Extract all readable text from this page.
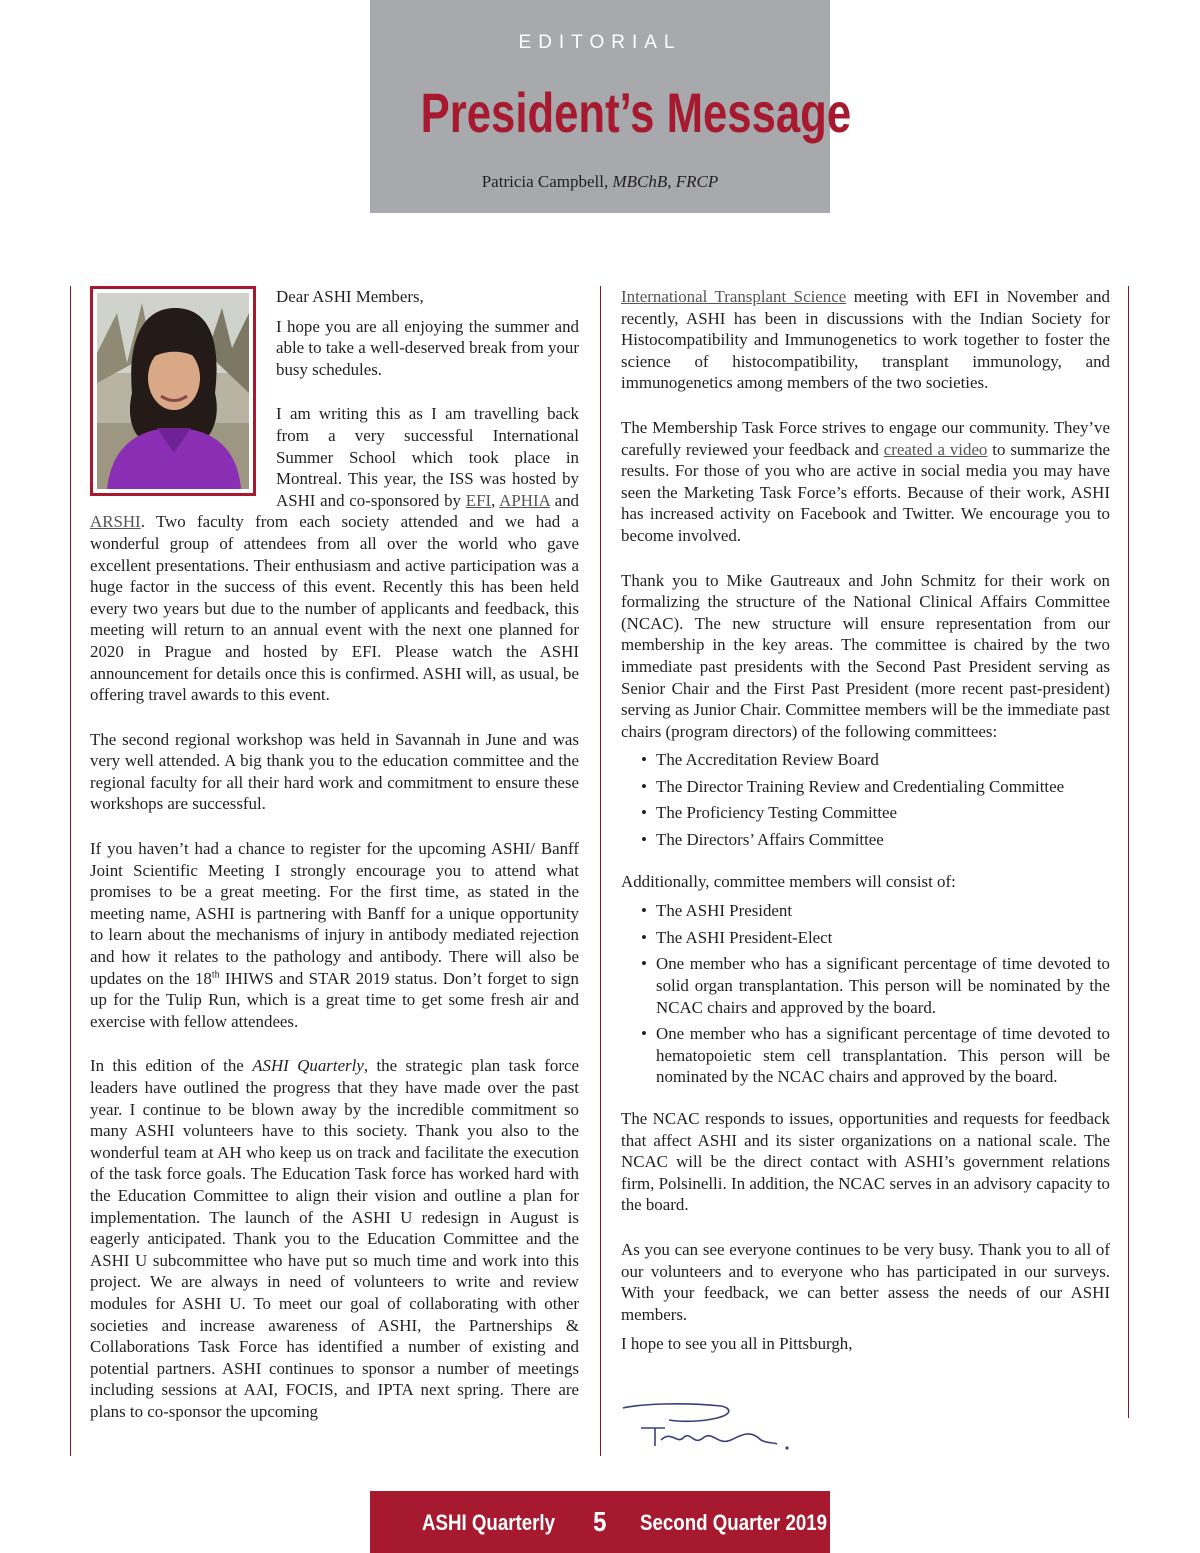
EDITORIAL
President’s Message
Patricia Campbell, MBChB, FRCP

Dear ASHI Members,

I hope you are all enjoying the summer and able to take a well-deserved break from your busy schedules.

I am writing this as I am travelling back from a very successful International Summer School which took place in Montreal. This year, the ISS was hosted by ASHI and co-sponsored by EFI, APHIA and ARSHI. Two faculty from each society attended and we had a wonderful group of attendees from all over the world who gave excellent presentations. Their enthusiasm and active participation was a huge factor in the success of this event. Recently this has been held every two years but due to the number of applicants and feedback, this meeting will return to an annual event with the next one planned for 2020 in Prague and hosted by EFI. Please watch the ASHI announcement for details once this is confirmed. ASHI will, as usual, be offering travel awards to this event.

The second regional workshop was held in Savannah in June and was very well attended. A big thank you to the education committee and the regional faculty for all their hard work and commitment to ensure these workshops are successful.

If you haven’t had a chance to register for the upcoming ASHI/ Banff Joint Scientific Meeting I strongly encourage you to attend what promises to be a great meeting. For the first time, as stated in the meeting name, ASHI is partnering with Banff for a unique opportunity to learn about the mechanisms of injury in antibody mediated rejection and how it relates to the pathology and antibody. There will also be updates on the 18th IHIWS and STAR 2019 status. Don’t forget to sign up for the Tulip Run, which is a great time to get some fresh air and exercise with fellow attendees.

In this edition of the ASHI Quarterly, the strategic plan task force leaders have outlined the progress that they have made over the past year. I continue to be blown away by the incredible commitment so many ASHI volunteers have to this society. Thank you also to the wonderful team at AH who keep us on track and facilitate the execution of the task force goals. The Education Task force has worked hard with the Education Committee to align their vision and outline a plan for implementation. The launch of the ASHI U redesign in August is eagerly anticipated. Thank you to the Education Committee and the ASHI U subcommittee who have put so much time and work into this project. We are always in need of volunteers to write and review modules for ASHI U. To meet our goal of collaborating with other societies and increase awareness of ASHI, the Partnerships & Collaborations Task Force has identified a number of existing and potential partners. ASHI continues to sponsor a number of meetings including sessions at AAI, FOCIS, and IPTA next spring. There are plans to co-sponsor the upcoming

International Transplant Science meeting with EFI in November and recently, ASHI has been in discussions with the Indian Society for Histocompatibility and Immunogenetics to work together to foster the science of histocompatibility, transplant immunology, and immunogenetics among members of the two societies.

The Membership Task Force strives to engage our community. They’ve carefully reviewed your feedback and created a video to summarize the results. For those of you who are active in social media you may have seen the Marketing Task Force’s efforts. Because of their work, ASHI has increased activity on Facebook and Twitter. We encourage you to become involved.

Thank you to Mike Gautreaux and John Schmitz for their work on formalizing the structure of the National Clinical Affairs Committee (NCAC). The new structure will ensure representation from our membership in the key areas. The committee is chaired by the two immediate past presidents with the Second Past President serving as Senior Chair and the First Past President (more recent past-president) serving as Junior Chair. Committee members will be the immediate past chairs (program directors) of the following committees:

• The Accreditation Review Board
• The Director Training Review and Credentialing Committee
• The Proficiency Testing Committee
• The Directors’ Affairs Committee

Additionally, committee members will consist of:

• The ASHI President
• The ASHI President-Elect
• One member who has a significant percentage of time devoted to solid organ transplantation. This person will be nominated by the NCAC chairs and approved by the board.
• One member who has a significant percentage of time devoted to hematopoietic stem cell transplantation. This person will be nominated by the NCAC chairs and approved by the board.

The NCAC responds to issues, opportunities and requests for feedback that affect ASHI and its sister organizations on a national scale. The NCAC will be the direct contact with ASHI’s government relations firm, Polsinelli. In addition, the NCAC serves in an advisory capacity to the board.

As you can see everyone continues to be very busy. Thank you to all of our volunteers and to everyone who has participated in our surveys. With your feedback, we can better assess the needs of our ASHI members.

I hope to see you all in Pittsburgh,

ASHI Quarterly 5 Second Quarter 2019
